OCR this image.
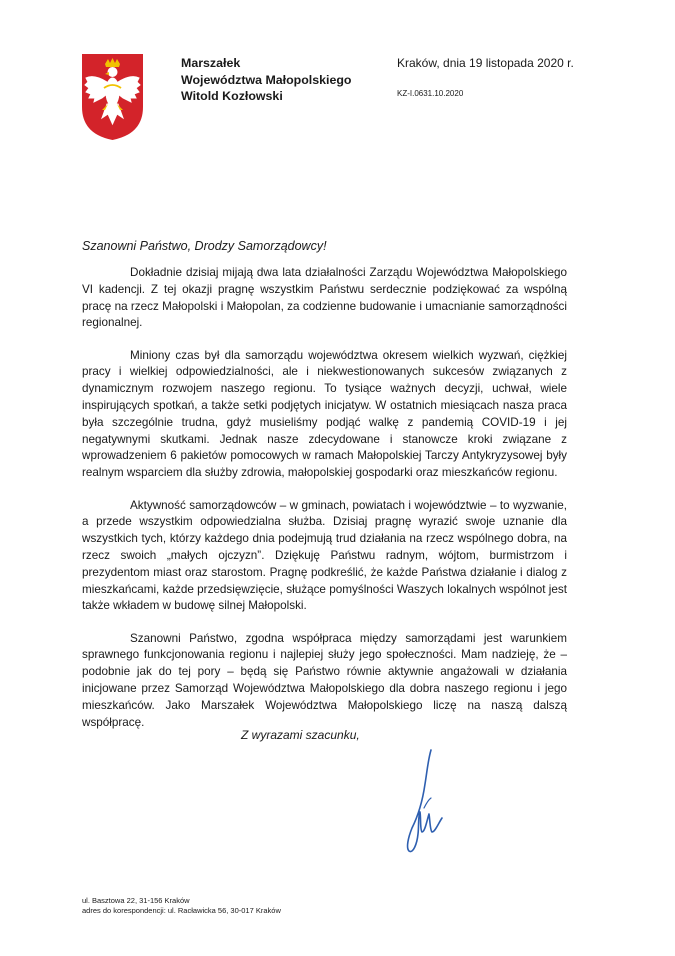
Marszałek
Województwa Małopolskiego
Witold Kozłowski
Kraków, dnia 19 listopada 2020 r.
KZ-I.0631.10.2020
Szanowni Państwo, Drodzy Samorządowcy!

Dokładnie dzisiaj mijają dwa lata działalności Zarządu Województwa Małopolskiego VI kadencji. Z tej okazji pragnę wszystkim Państwu serdecznie podziękować za wspólną pracę na rzecz Małopolski i Małopolan, za codzienne budowanie i umacnianie samorządności regionalnej.

Miniony czas był dla samorządu województwa okresem wielkich wyzwań, ciężkiej pracy i wielkiej odpowiedzialności, ale i niekwestionowanych sukcesów związanych z dynamicznym rozwojem naszego regionu. To tysiące ważnych decyzji, uchwał, wiele inspirujących spotkań, a także setki podjętych inicjatyw. W ostatnich miesiącach nasza praca była szczególnie trudna, gdyż musieliśmy podjąć walkę z pandemią COVID-19 i jej negatywnymi skutkami. Jednak nasze zdecydowane i stanowcze kroki związane z wprowadzeniem 6 pakietów pomocowych w ramach Małopolskiej Tarczy Antykryzysowej były realnym wsparciem dla służby zdrowia, małopolskiej gospodarki oraz mieszkańców regionu.

Aktywność samorządowców – w gminach, powiatach i województwie – to wyzwanie, a przede wszystkim odpowiedzialna służba. Dzisiaj pragnę wyrazić swoje uznanie dla wszystkich tych, którzy każdego dnia podejmują trud działania na rzecz wspólnego dobra, na rzecz swoich „małych ojczyzn”. Dziękuję Państwu radnym, wójtom, burmistrzom i prezydentom miast oraz starostom. Pragnę podkreślić, że każde Państwa działanie i dialog z mieszkańcami, każde przedsięwzięcie, służące pomyślności Waszych lokalnych wspólnot jest także wkładem w budowę silnej Małopolski.

Szanowni Państwo, zgodna współpraca między samorządami jest warunkiem sprawnego funkcjonowania regionu i najlepiej służy jego społeczności. Mam nadzieję, że – podobnie jak do tej pory – będą się Państwo równie aktywnie angażowali w działania inicjowane przez Samorząd Województwa Małopolskiego dla dobra naszego regionu i jego mieszkańców. Jako Marszałek Województwa Małopolskiego liczę na naszą dalszą współpracę.

Z wyrazami szacunku,
ul. Basztowa 22, 31-156 Kraków
adres do korespondencji: ul. Racławicka 56, 30-017 Kraków
